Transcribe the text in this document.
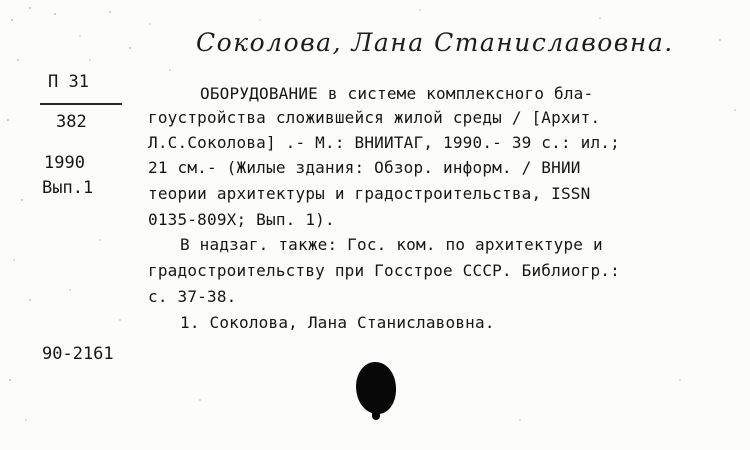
Соколова, Лана Станиславовна.
П 31
382
1990
Вып.1
ОБОРУДОВАНИЕ в системе комплексного бла-
гоустройства сложившейся жилой среды / [Архит.
Л.С.Соколова] .- М.: ВНИИТАГ, 1990.- 39 с.: ил.;
21 см.- (Жилые здания: Обзор. информ. / ВНИИ
теории архитектуры и градостроительства, ISSN
0135-809X; Вып. 1).
В надзаг. также: Гос. ком. по архитектуре и
градостроительству при Госстрое СССР. Библиогр.:
с. 37-38.
1. Соколова, Лана Станиславовна.
90-2161
